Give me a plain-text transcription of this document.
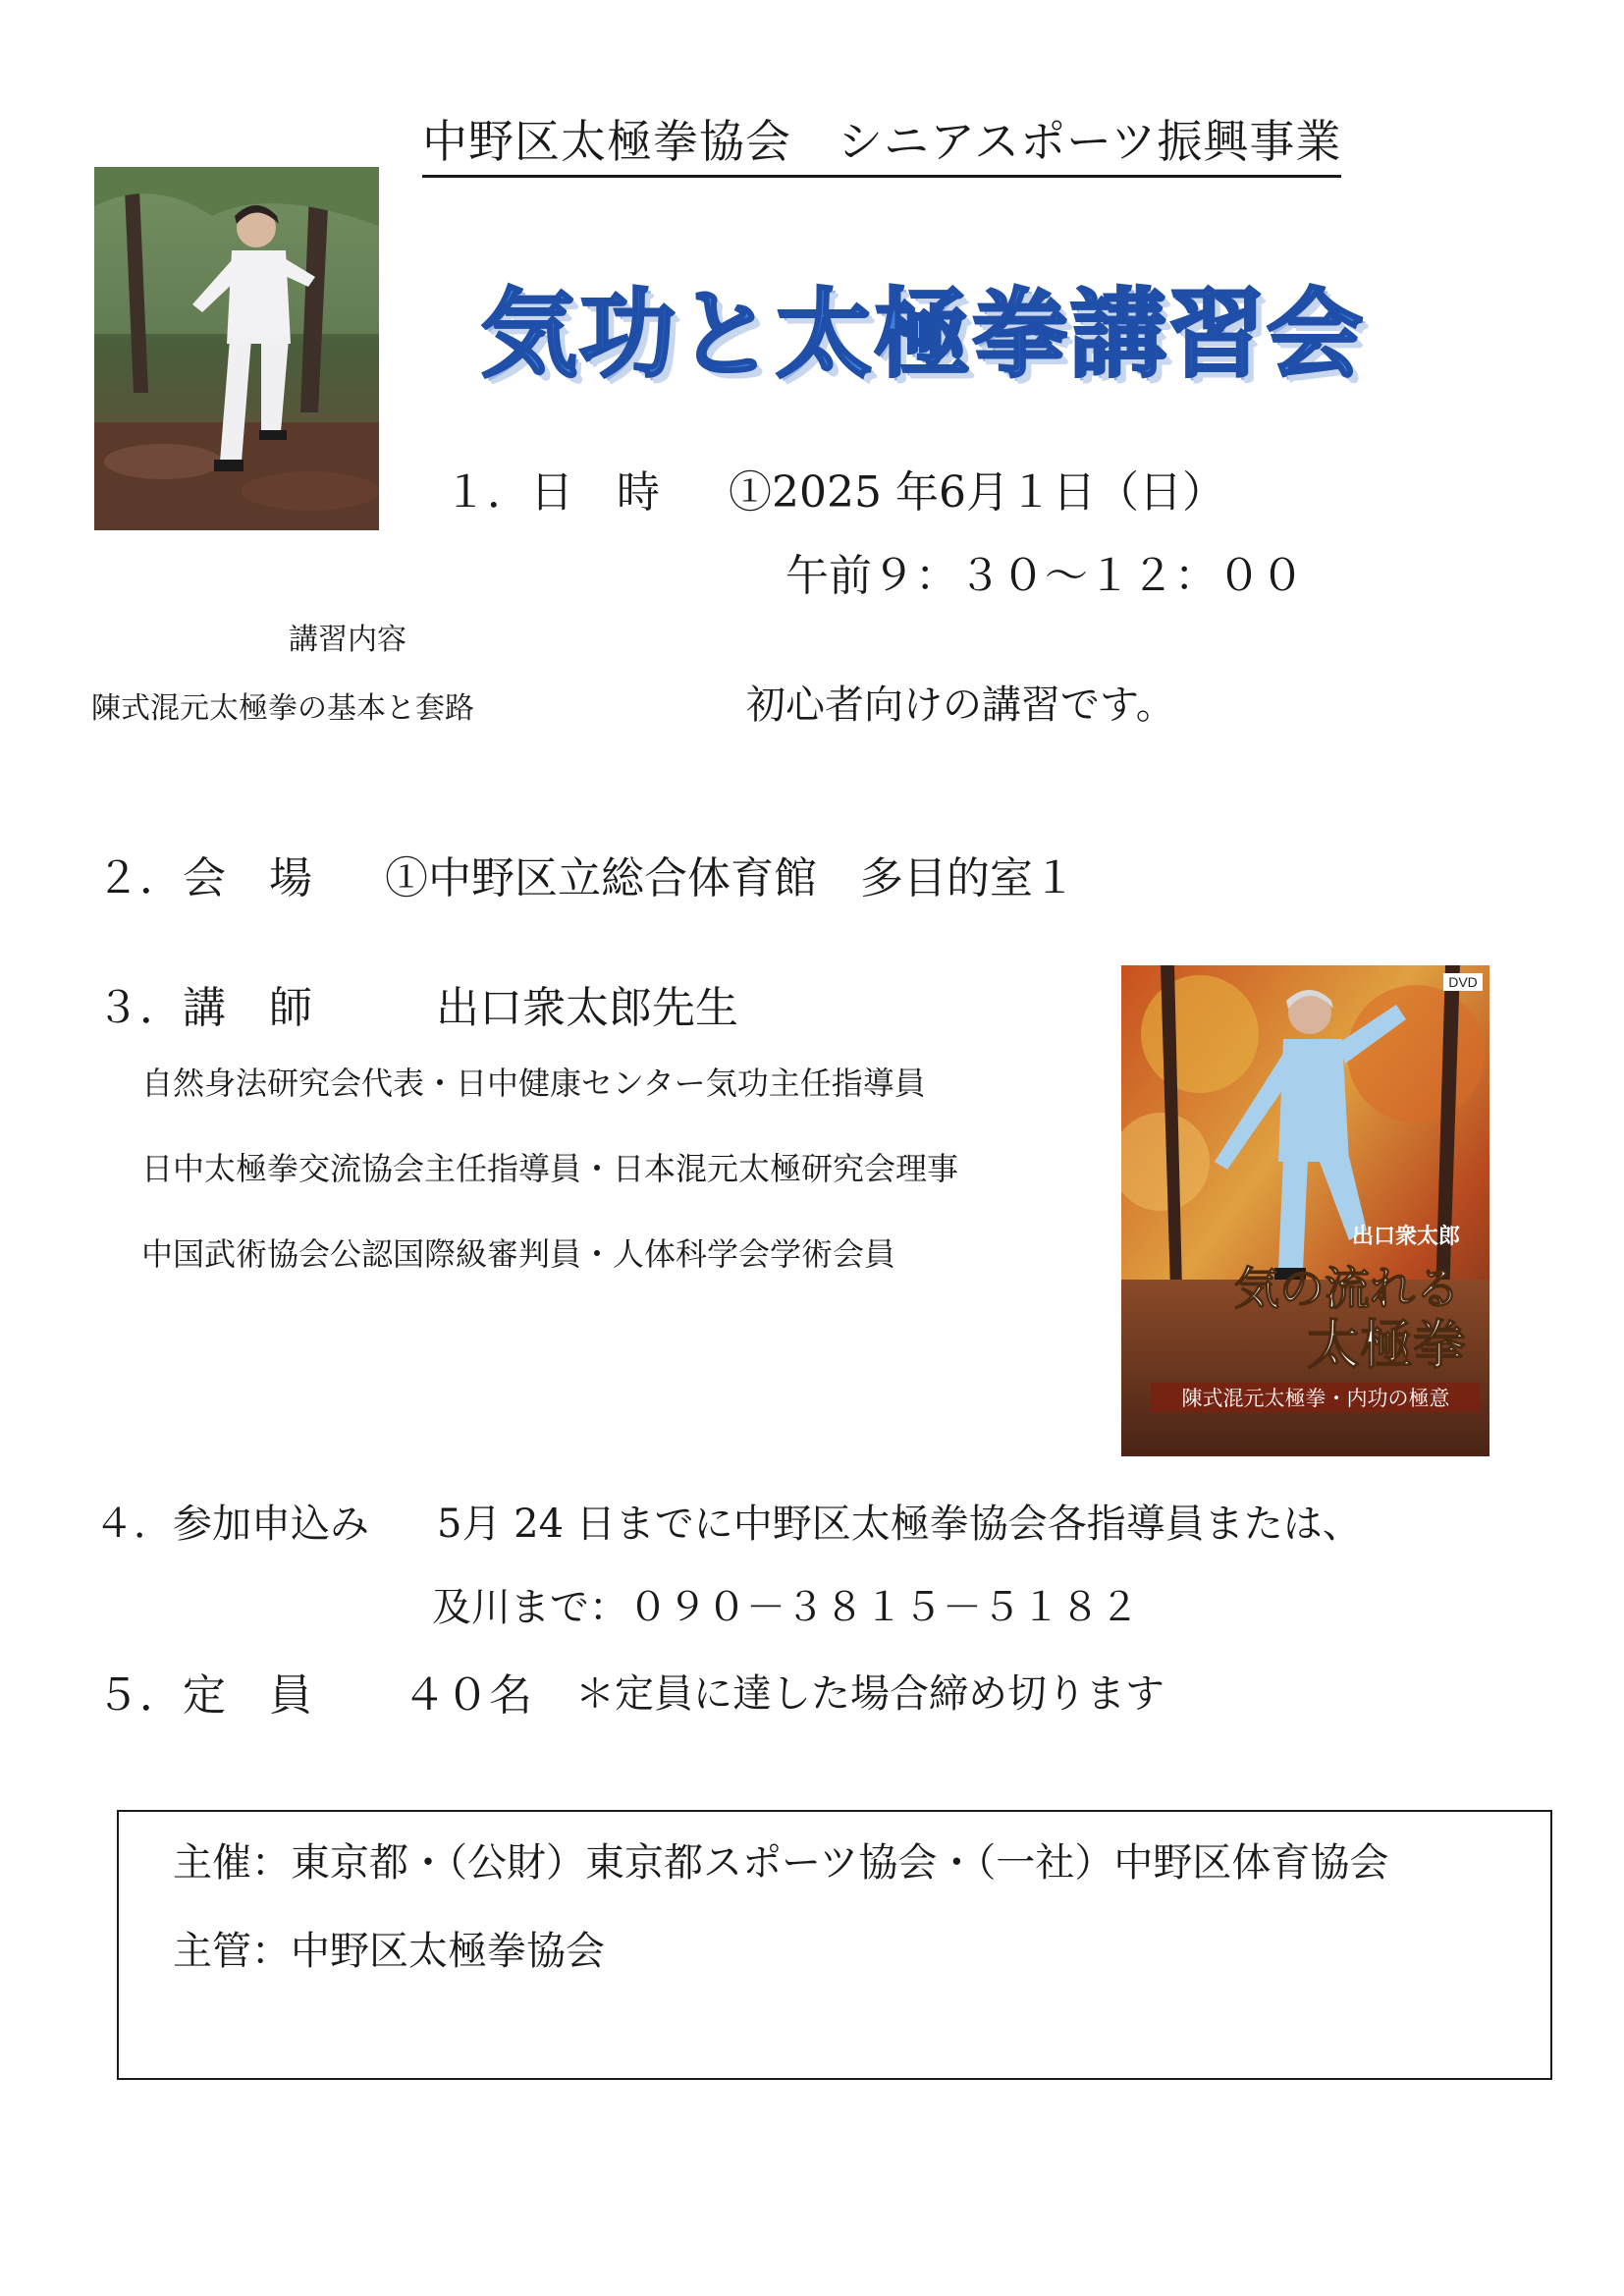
中野区太極拳協会　シニアスポーツ振興事業
気功と太極拳講習会
１．日　時 ①2025 年6月１日（日）
午前９：３０～１２：００
講習内容
陳式混元太極拳の基本と套路	初心者向けの講習です。
２．会　場 ①中野区立総合体育館　多目的室１
３．講　師	出口衆太郎先生
自然身法研究会代表・日中健康センター気功主任指導員
日中太極拳交流協会主任指導員・日本混元太極研究会理事
中国武術協会公認国際級審判員・人体科学会学術会員
DVD
出口衆太郎
気の流れる
太極拳
陳式混元太極拳・内功の極意
４．参加申込み 5月 24 日までに中野区太極拳協会各指導員または、
及川まで：０９０－３８１５－５１８２
５．定　員 ４０名 ＊定員に達した場合締め切ります
主催：東京都・（公財）東京都スポーツ協会・（一社）中野区体育協会
主管：中野区太極拳協会
